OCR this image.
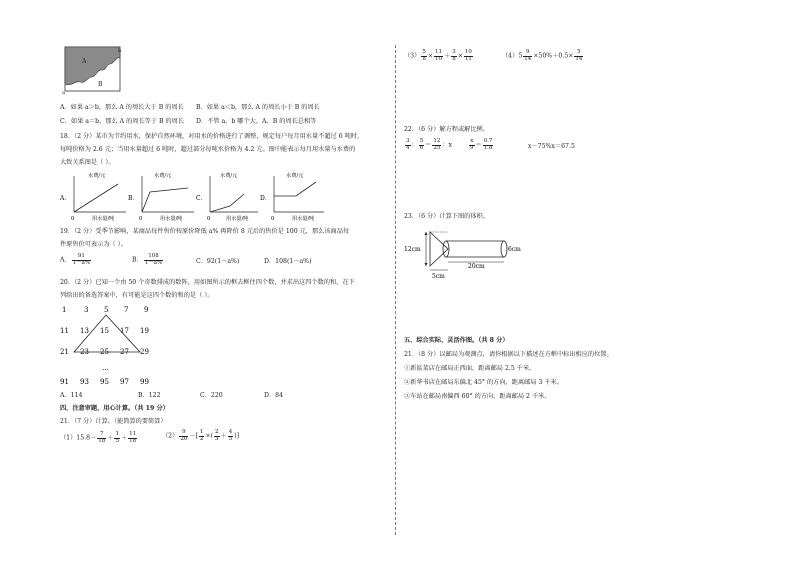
A
B
b
a
A．如果 a＞b，那么 A 的周长大于 B 的周长 B．如果 a＜b，那么 A 的周长小于 B 的周长
C．如果 a＝b，那么 A 的周长等于 B 的周长 D．不管 a、b 哪个大，A、B 的周长总相等
18．（2 分）某市为节约用水，保护自然环境，对用水的价格进行了调整，规定每户每月用水量不超过 6 吨时，
每吨价格为 2.6 元；当用水量超过 6 吨时，超过部分每吨水价格为 4.2 元。图中能表示每月用水量与水费的
大致关系图是（ ）。
A．
水费/元
0	用水量/吨
B．
水费/元
0	用水量/吨
C．
水费/元
0	用水量/吨
D．
水费/元
0	用水量/吨
19．（2 分）受季节影响，某商品每件售价按原价降低 a% 再降价 8 元后的售价是 100 元，那么该商品每
件原售价可表示为（ ）。
A． $\frac{91}{1-a\%}$	B． $\frac{108}{1-a\%}$	C．92(1－a%)	D．108(1－a%)
20．（2 分）已知一个由 50 个奇数排成的数阵，用如图所示的框去框住四个数，并求出这四个数的和，在下
列给出的备选答案中，有可能是这四个数的和的是（ ）。
1	3 5 7 9
11 13 15 17 19
21 23 25 27 29
…
91 93 95 97 99
A．114	B．122	C．220	D．84
四、注意审题，用心计算。（共 19 分）
21．（7 分）计算。（能简算的要简算）
$(1)15.8- \frac{7}{18} + \frac{1}{5} + \frac{11}{18}$	$(2) \frac{9}{20}$ －[ $\frac{1}{2}$ ×( $\frac{2}{3} + \frac{4}{5}$ )]
$(3) \frac{5}{8} \times \frac{11}{10} + \frac{3}{8} \times \frac{10}{11}$	$(4)5 \frac{9}{14} \times 50\%+0.5\times \frac{5}{14}$
22．（6 分）解方程或解比例。
$\frac{3}{4}$ ： $\frac{5}{6} = \frac{12}{25}$ ：x	$\frac{x}{9} = \frac{0.7}{1.8}$	x－75%x＝67.5
23．（6 分）计算下图的体积。
12cm	6cm
20cm
5cm
五、综合实际，灵活作图。（共 8 分）
21．（8 分）以邮局为观测点，请你根据以下描述在方框中标出相应的位置。
①新區菜店在邮局正西面，距离邮局 2.5 千米。
②新华书店在邮局东偏北 45° 的方向，距离邮局 3 千米。
③车站在邮局南偏西 60° 的方向，距离邮局 2 千米。
